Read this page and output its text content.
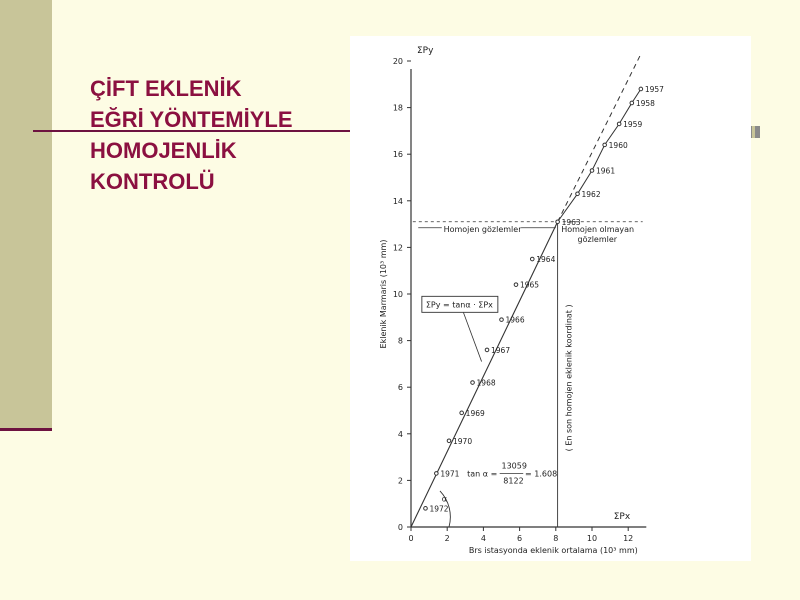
ÇİFT EKLENİK
EĞRİ YÖNTEMİYLE
HOMOJENLİK
KONTROLÜ
0
2
4
6
8
10
12
14
16
18
20
0	2	4	6	8	10	12
ΣPy
ΣPx
Brs istasyonda eklenik ortalama (10³ mm)
Eklenik Marmaris (10³ mm)
1972
1971
1970
1969
1968
1967
1966
1965
1964
1963
1962
1961
1960
1959
1958
1957
Homojen gözlemler	Homojen olmayan
gözlemler
ΣPy = tanα · ΣPx
tan α =
13059
8122
= 1.608
( En son homojen eklenik koordinat )
α
